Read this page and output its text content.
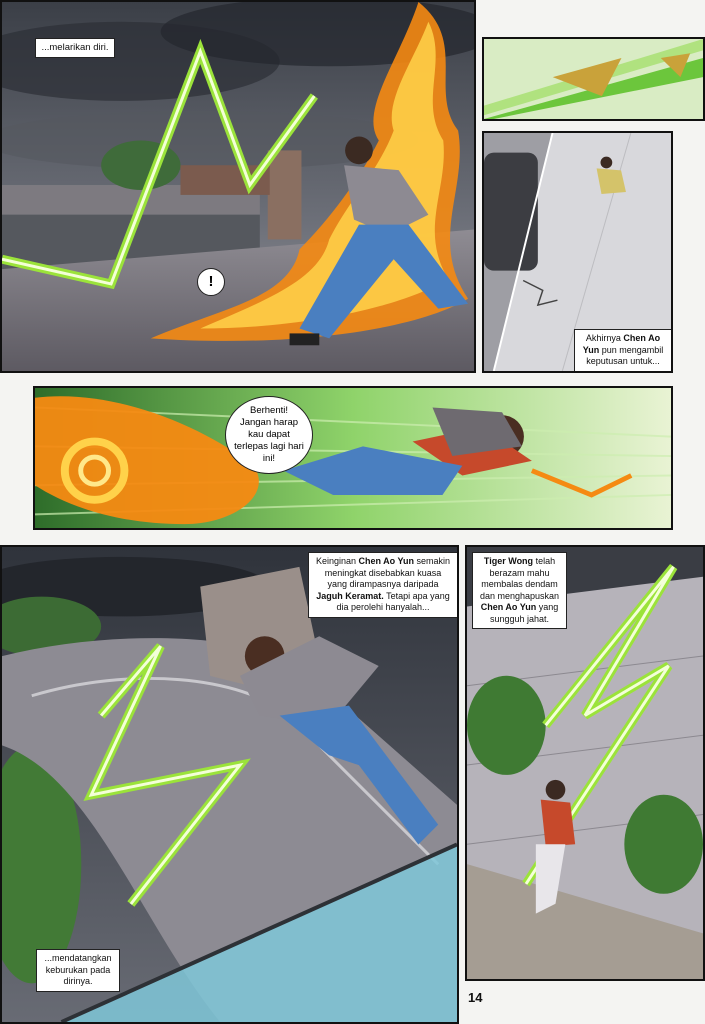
...melarikan diri.
!
Akhirnya Chen Ao Yun pun mengambil keputusan untuk...
Berhenti! Jangan harap kau dapat terlepas lagi hari ini!
Keinginan Chen Ao Yun semakin meningkat disebabkan kuasa yang dirampasnya daripada Jaguh Keramat. Tetapi apa yang dia perolehi hanyalah...
...mendatangkan keburukan pada dirinya.
Tiger Wong telah berazam mahu membalas dendam dan menghapuskan Chen Ao Yun yang sungguh jahat.
14
